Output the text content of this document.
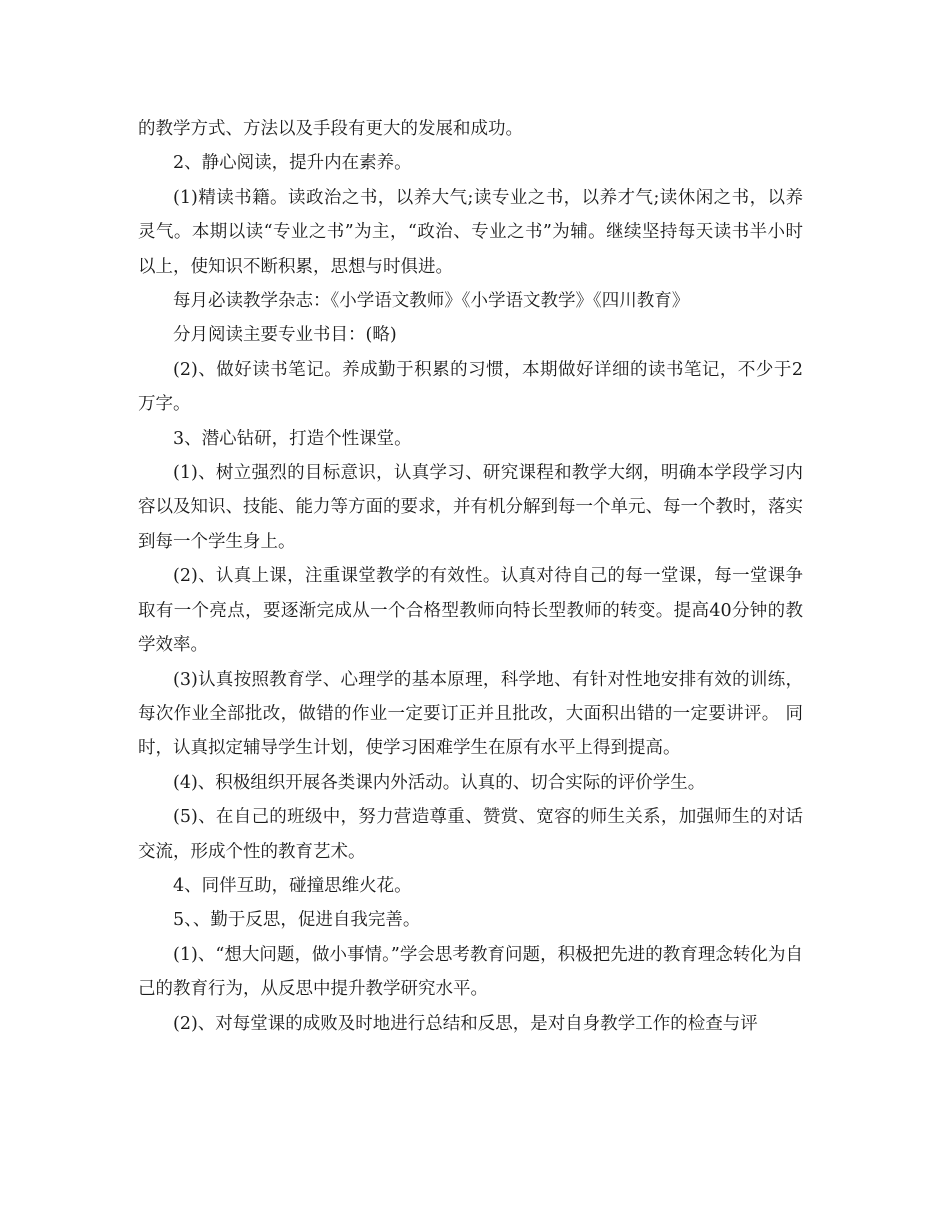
的教学方式、方法以及手段有更大的发展和成功。

2、静心阅读，提升内在素养。

(1)精读书籍。读政治之书，以养大气;读专业之书，以养才气;读休闲之书，以养灵气。本期以读“专业之书”为主，“政治、专业之书”为辅。继续坚持每天读书半小时以上，使知识不断积累，思想与时俱进。

每月必读教学杂志：《小学语文教师》《小学语文教学》《四川教育》

分月阅读主要专业书目：(略)

(2)、做好读书笔记。养成勤于积累的习惯，本期做好详细的读书笔记，不少于2万字。

3、潜心钻研，打造个性课堂。

(1)、树立强烈的目标意识，认真学习、研究课程和教学大纲，明确本学段学习内容以及知识、技能、能力等方面的要求，并有机分解到每一个单元、每一个教时，落实到每一个学生身上。

(2)、认真上课，注重课堂教学的有效性。认真对待自己的每一堂课，每一堂课争取有一个亮点，要逐渐完成从一个合格型教师向特长型教师的转变。提高40分钟的教学效率。

(3)认真按照教育学、心理学的基本原理，科学地、有针对性地安排有效的训练，每次作业全部批改，做错的作业一定要订正并且批改，大面积出错的一定要讲评。 同时，认真拟定辅导学生计划，使学习困难学生在原有水平上得到提高。

(4)、积极组织开展各类课内外活动。认真的、切合实际的评价学生。

(5)、在自己的班级中，努力营造尊重、赞赏、宽容的师生关系，加强师生的对话交流，形成个性的教育艺术。

4、同伴互助，碰撞思维火花。

5、、勤于反思，促进自我完善。

(1)、“想大问题，做小事情。”学会思考教育问题，积极把先进的教育理念转化为自己的教育行为，从反思中提升教学研究水平。

(2)、对每堂课的成败及时地进行总结和反思，是对自身教学工作的检查与评
